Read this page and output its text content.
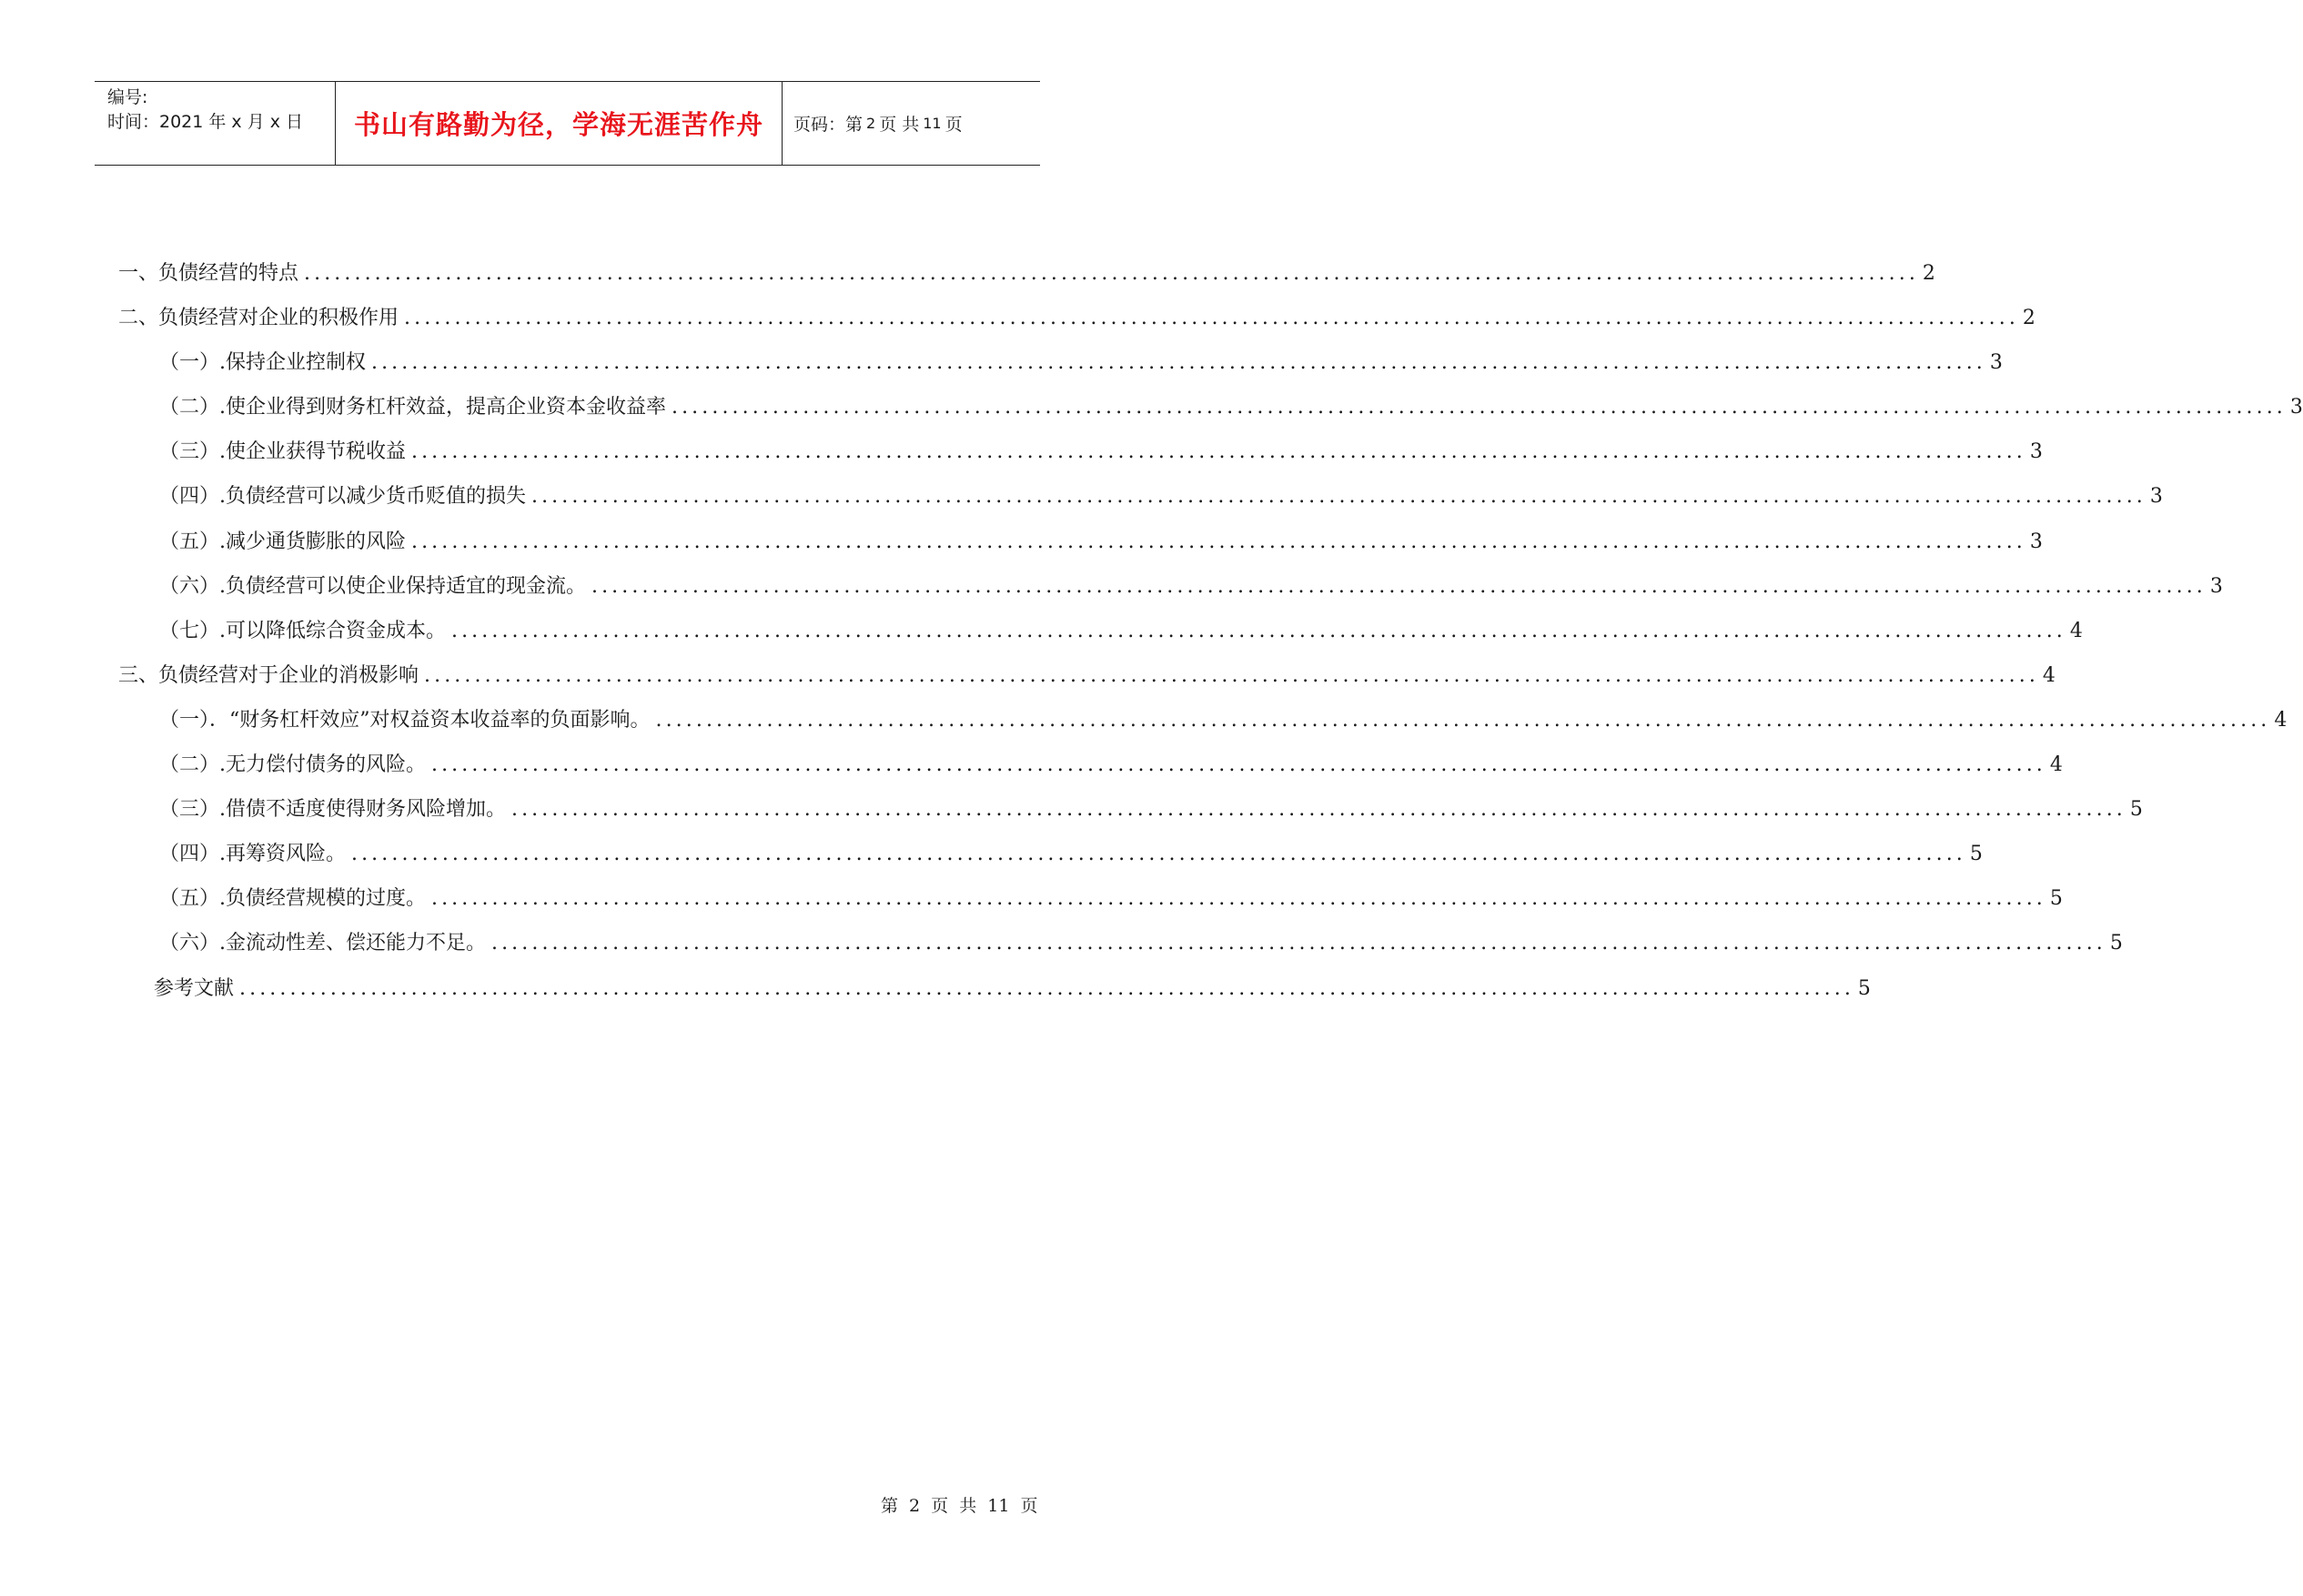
编号:
时间：2021 年 x 月 x 日	书山有路勤为径，学海无涯苦作舟	页码：第 2 页 共 11 页
一、负债经营的特点 ................................................................................................................................................................ 2
二、负债经营对企业的积极作用 ................................................................................................................................................................ 2
（一）.保持企业控制权 ................................................................................................................................................................ 3
（二）.使企业得到财务杠杆效益，提高企业资本金收益率 ................................................................................................................................................................ 3
（三）.使企业获得节税收益 ................................................................................................................................................................ 3
（四）.负债经营可以减少货币贬值的损失 ................................................................................................................................................................ 3
（五）.减少通货膨胀的风险 ................................................................................................................................................................ 3
（六）.负债经营可以使企业保持适宜的现金流。 ................................................................................................................................................................ 3
（七）.可以降低综合资金成本。 ................................................................................................................................................................ 4
三、负债经营对于企业的消极影响 ................................................................................................................................................................ 4
（一）．“财务杠杆效应”对权益资本收益率的负面影响。 ................................................................................................................................................................ 4
（二）.无力偿付债务的风险。 ................................................................................................................................................................ 4
（三）.借债不适度使得财务风险增加。 ................................................................................................................................................................ 5
（四）.再筹资风险。 ................................................................................................................................................................ 5
（五）.负债经营规模的过度。 ................................................................................................................................................................ 5
（六）.金流动性差、偿还能力不足。 ................................................................................................................................................................ 5
参考文献 ................................................................................................................................................................ 5
第 2 页 共 11 页
